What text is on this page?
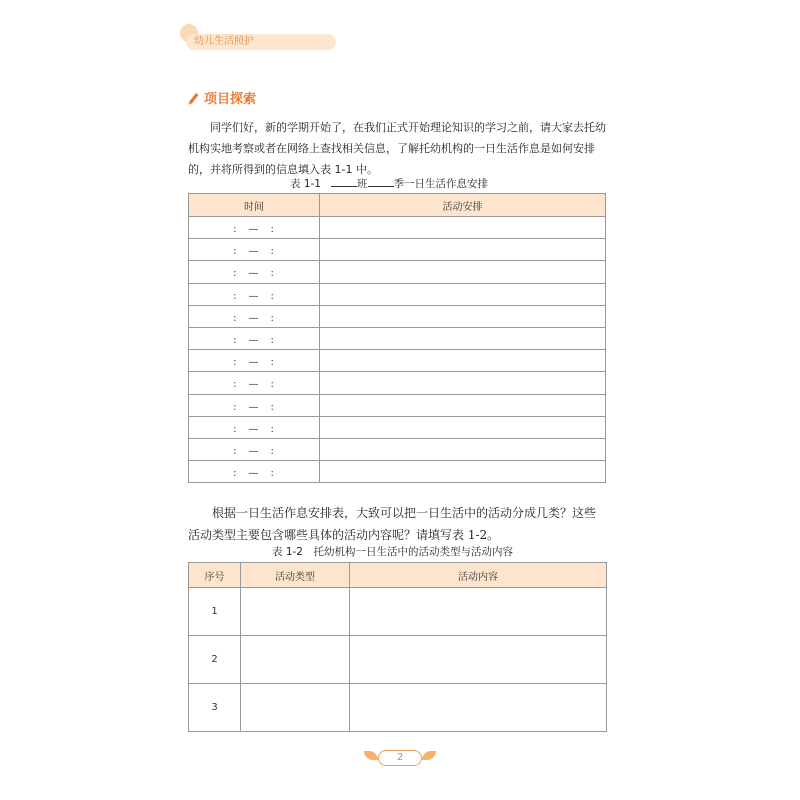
幼儿生活照护
项目探索

同学们好，新的学期开始了，在我们正式开始理论知识的学习之前，请大家去托幼机构实地考察或者在网络上查找相关信息，了解托幼机构的一日生活作息是如何安排的，并将所得到的信息填入表 1-1 中。

表 1-1	班 季一日生活作息安排
时间	活动安排
:　—　:	
:　—　:	
:　—　:	
:　—　:	
:　—　:	
:　—　:	
:　—　:	
:　—　:	
:　—　:	
:　—　:	
:　—　:	
:　—　:	

根据一日生活作息安排表，大致可以把一日生活中的活动分成几类？这些活动类型主要包含哪些具体的活动内容呢？请填写表 1-2。

表 1-2　托幼机构一日生活中的活动类型与活动内容
序号	活动类型	活动内容
1		
2		
3		
2
